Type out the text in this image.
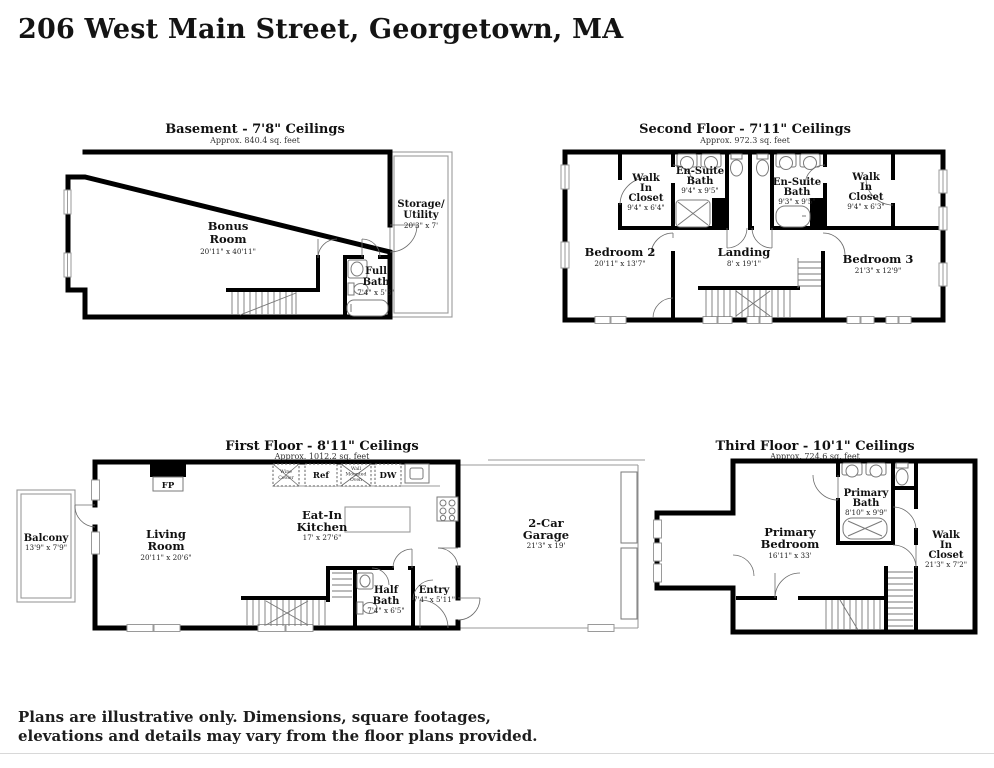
206 West Main Street, Georgetown, MA
Basement - 7'8" Ceilings
Approx. 840.4 sq. feet
Bonus
Room
20'11" x 40'11"
Storage/
Utility
20'3" x 7'
Full
Bath
7'4" x 5'3"
Second Floor - 7'11" Ceilings
Approx. 972.3 sq. feet
Walk
In
Closet
9'4" x 6'4"
En-Suite
Bath
9'4" x 9'5"
En-Suite
Bath
9'3" x 9'5"
Walk
In
Closet
9'4" x 6'3"
Bedroom 2
20'11" x 13'7"
Landing
8' x 19'1"	Bedroom 3
21'3" x 12'9"
First Floor - 8'11" Ceilings
Approx. 1012.2 sq. feet
FP
Wine
Cooler Ref
Wall
Mounted
Oven DW
Balcony
13'9" x 7'9"
Living
Room
20'11" x 20'6"
Eat-In
Kitchen
17' x 27'6"
2-Car
Garage
21'3" x 19'
Half
Bath
7'4" x 6'5"
Entry
7'4" x 5'11"
Third Floor - 10'1" Ceilings
Approx. 724.6 sq. feet
Primary
Bedroom
16'11" x 33'
Primary
Bath
8'10" x 9'9"
Walk
In
Closet
21'3" x 7'2"
Plans are illustrative only. Dimensions, square footages,
elevations and details may vary from the floor plans provided.
